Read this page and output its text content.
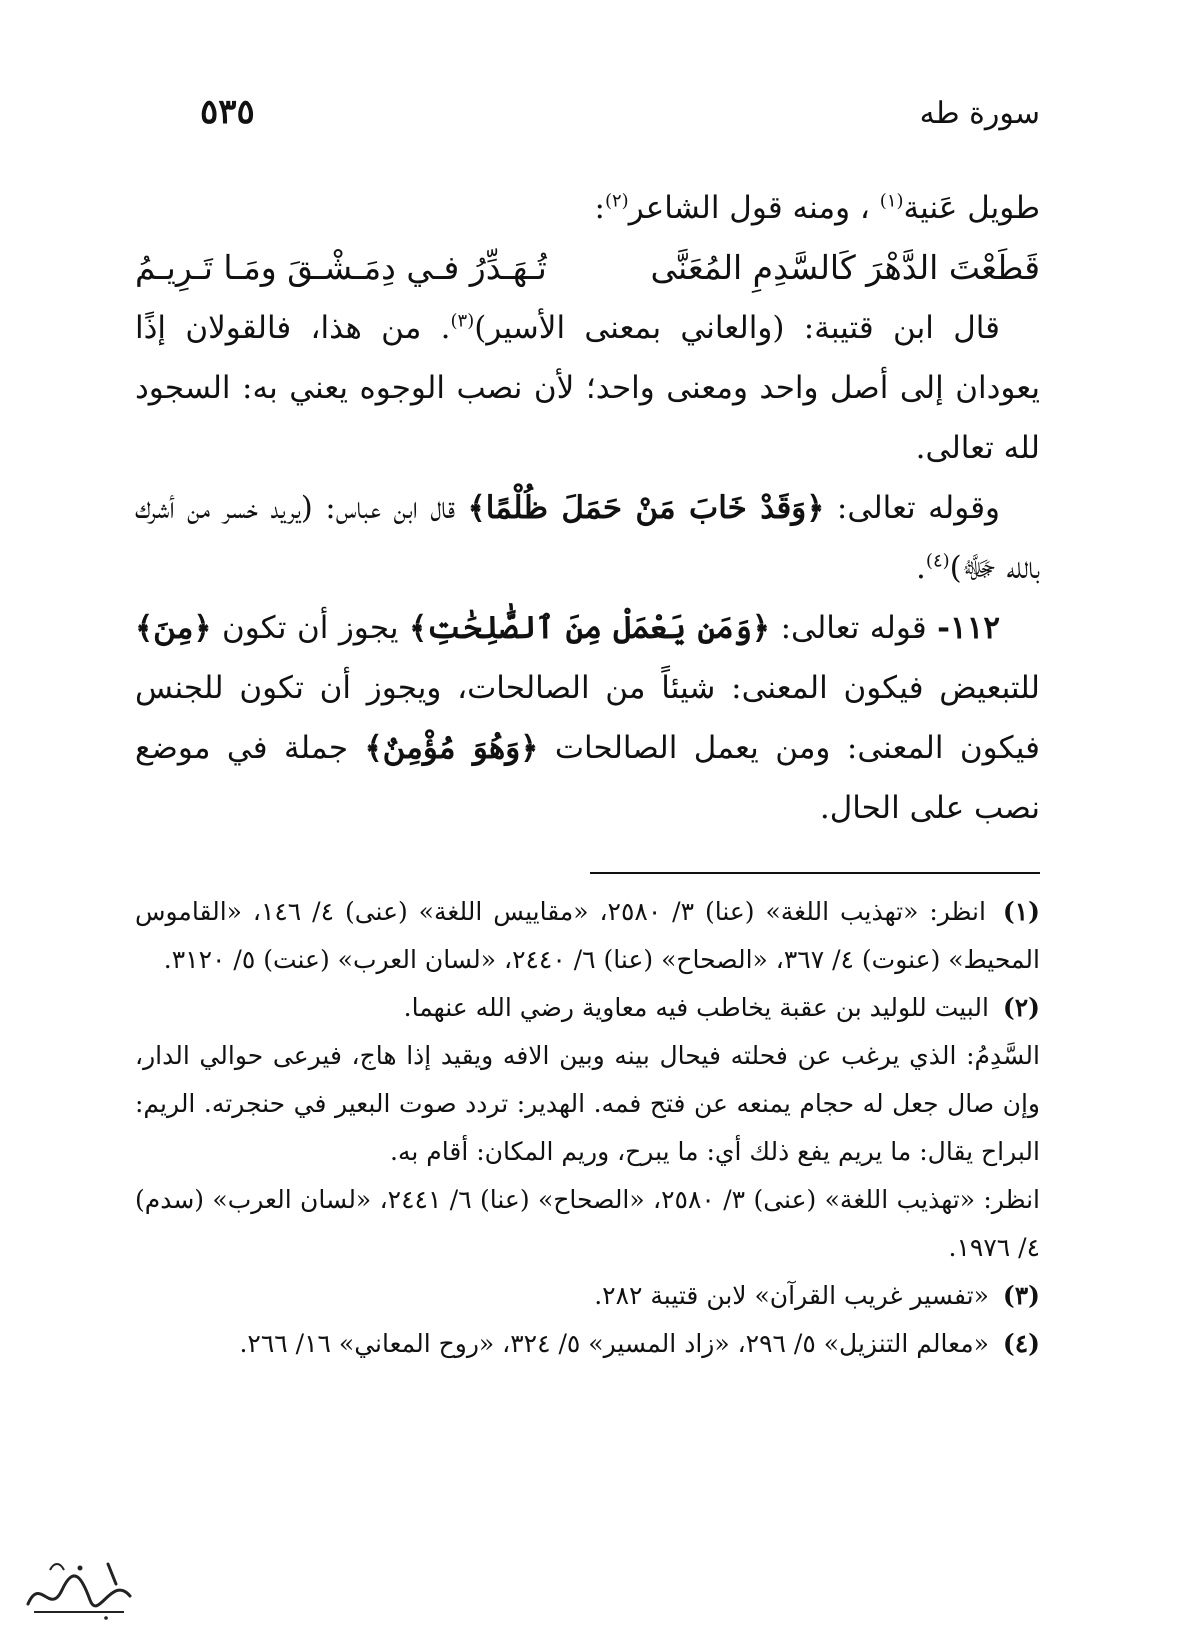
سورة طه
٥٣٥

طويل عَنية$^{(١)}$ ، ومنه قول الشاعر$^{(٢)}$:

قَطَعْتَ الدَّهْرَ كَالسَّدِمِ المُعَنَّى
تُـهَـدِّرُ فـي دِمَـشْـقَ ومَـا تَـرِيـمُ

قال ابن قتيبة: (والعاني بمعنى الأسير)$^{(٣)}$. من هذا، فالقولان إذًا يعودان إلى أصل واحد ومعنى واحد؛ لأن نصب الوجوه يعني به: السجود لله تعالى.

وقوله تعالى: ﴿وَقَدْ خَابَ مَنْ حَمَلَ ظُلْمًا﴾ قال ابن عباس: (يريد خسر من أشرك بالله ﷻ)$^{(٤)}$.

١١٢- قوله تعالى: ﴿وَمَن يَعْمَلْ مِنَ ٱلصَّٰلِحَٰتِ﴾ يجوز أن تكون ﴿مِنَ﴾ للتبعيض فيكون المعنى: شيئاً من الصالحات، ويجوز أن تكون للجنس فيكون المعنى: ومن يعمل الصالحات ﴿وَهُوَ مُؤْمِنٌ﴾ جملة في موضع نصب على الحال.

(١) انظر: «تهذيب اللغة» (عنا) ٣/ ٢٥٨٠، «مقاييس اللغة» (عنى) ٤/ ١٤٦، «القاموس المحيط» (عنوت) ٤/ ٣٦٧، «الصحاح» (عنا) ٦/ ٢٤٤٠، «لسان العرب» (عنت) ٥/ ٣١٢٠.

(٢) البيت للوليد بن عقبة يخاطب فيه معاوية رضي الله عنهما.

السَّدِمُ: الذي يرغب عن فحلته فيحال بينه وبين الافه ويقيد إذا هاج، فيرعى حوالي الدار، وإن صال جعل له حجام يمنعه عن فتح فمه. الهدير: تردد صوت البعير في حنجرته. الريم: البراح يقال: ما يريم يفع ذلك أي: ما يبرح، وريم المكان: أقام به.

انظر: «تهذيب اللغة» (عنى) ٣/ ٢٥٨٠، «الصحاح» (عنا) ٦/ ٢٤٤١، «لسان العرب» (سدم) ٤/ ١٩٧٦.

(٣) «تفسير غريب القرآن» لابن قتيبة ٢٨٢.

(٤) «معالم التنزيل» ٥/ ٢٩٦، «زاد المسير» ٥/ ٣٢٤، «روح المعاني» ١٦/ ٢٦٦.
